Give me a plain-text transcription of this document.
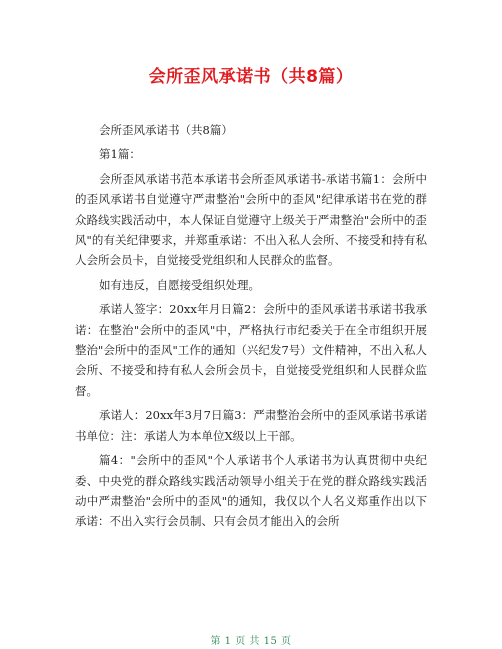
会所歪风承诺书（共8篇）

会所歪风承诺书（共8篇）

第1篇：

会所歪风承诺书范本承诺书会所歪风承诺书-承诺书篇1：会所中的歪风承诺书自觉遵守严肃整治"会所中的歪风"纪律承诺书在党的群众路线实践活动中，本人保证自觉遵守上级关于严肃整治"会所中的歪风"的有关纪律要求，并郑重承诺：不出入私人会所、不接受和持有私人会所会员卡，自觉接受党组织和人民群众的监督。

如有违反，自愿接受组织处理。

承诺人签字：20xx年月日篇2：会所中的歪风承诺书承诺书我承诺：在整治"会所中的歪风"中，严格执行市纪委关于在全市组织开展整治"会所中的歪风"工作的通知（兴纪发7号）文件精神，不出入私人会所、不接受和持有私人会所会员卡，自觉接受党组织和人民群众监督。

承诺人：20xx年3月7日篇3：严肃整治会所中的歪风承诺书承诺书单位：注：承诺人为本单位X级以上干部。

篇4："会所中的歪风"个人承诺书个人承诺书为认真贯彻中央纪委、中央党的群众路线实践活动领导小组关于在党的群众路线实践活动中严肃整治"会所中的歪风"的通知，我仅以个人名义郑重作出以下承诺：不出入实行会员制、只有会员才能出入的会所

第 1 页 共 15 页
